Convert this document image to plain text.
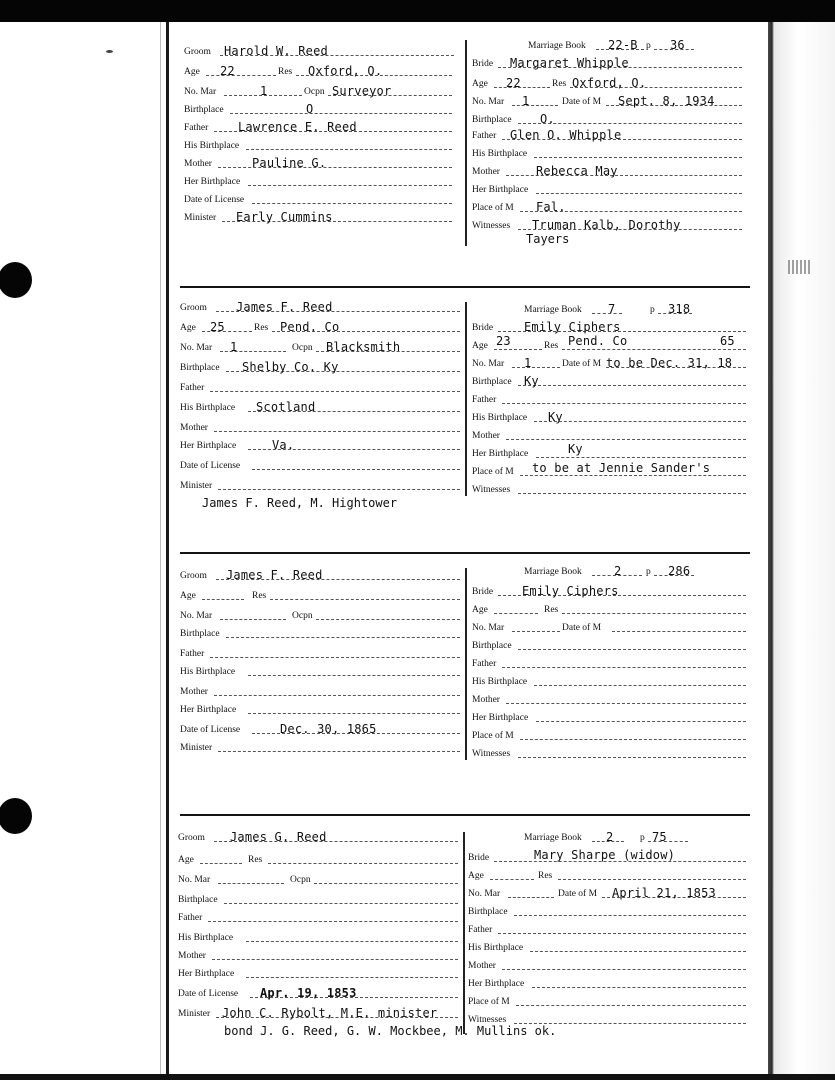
Groom Harold W. Reed
Age 22	Res Oxford, O.
No. Mar	1	Ocpn Surveyor
Birthplace	O
Father Lawrence E. Reed
His Birthplace
Mother	Pauline G.
Her Birthplace
Date of License
Minister Early Cummins
Marriage Book 22-B p 36
Bride Margaret Whipple
Age 22	Res Oxford, O.
No. Mar 1	Date of M Sept. 8, 1934
Birthplace O.
Father Glen O. Whipple
His Birthplace
Mother	Rebecca May
Her Birthplace
Place of M Fal.
Witnesses Truman Kalb, Dorothy
Tayers
Groom James F. Reed
Age 25	Res Pend. Co
No. Mar 1	Ocpn Blacksmith
Birthplace Shelby Co. Ky
Father
His Birthplace Scotland
Mother
Her Birthplace	Va.
Date of License
Minister
James F. Reed, M. Hightower
Marriage Book 7	p 318
Bride	Emily Ciphers
Age 23	Res Pend. Co	65
No. Mar 1	Date of M to be Dec. 31, 18
Birthplace Ky
Father
His Birthplace Ky
Mother
Her Birthplace	Ky
Place of M to be at Jennie Sander's
Witnesses
Groom James F. Reed
Age	Res
No. Mar	Ocpn
Birthplace
Father
His Birthplace
Mother
Her Birthplace
Date of License	Dec. 30, 1865
Minister
Marriage Book	2	p 286
Bride Emily Ciphers
Age	Res
No. Mar	Date of M
Birthplace
Father
His Birthplace
Mother
Her Birthplace
Place of M
Witnesses
Groom James G. Reed
Age	Res
No. Mar	Ocpn
Birthplace
Father
His Birthplace
Mother
Her Birthplace
Date of License Apr. 19, 1853
Minister John C. Rybolt, M.E. minister
bond J. G. Reed, G. W. Mockbee, M. Mullins ok.
Marriage Book 2	p 75
Bride	Mary Sharpe (widow)
Age	Res
No. Mar	Date of M April 21, 1853
Birthplace
Father
His Birthplace
Mother
Her Birthplace
Place of M
Witnesses
